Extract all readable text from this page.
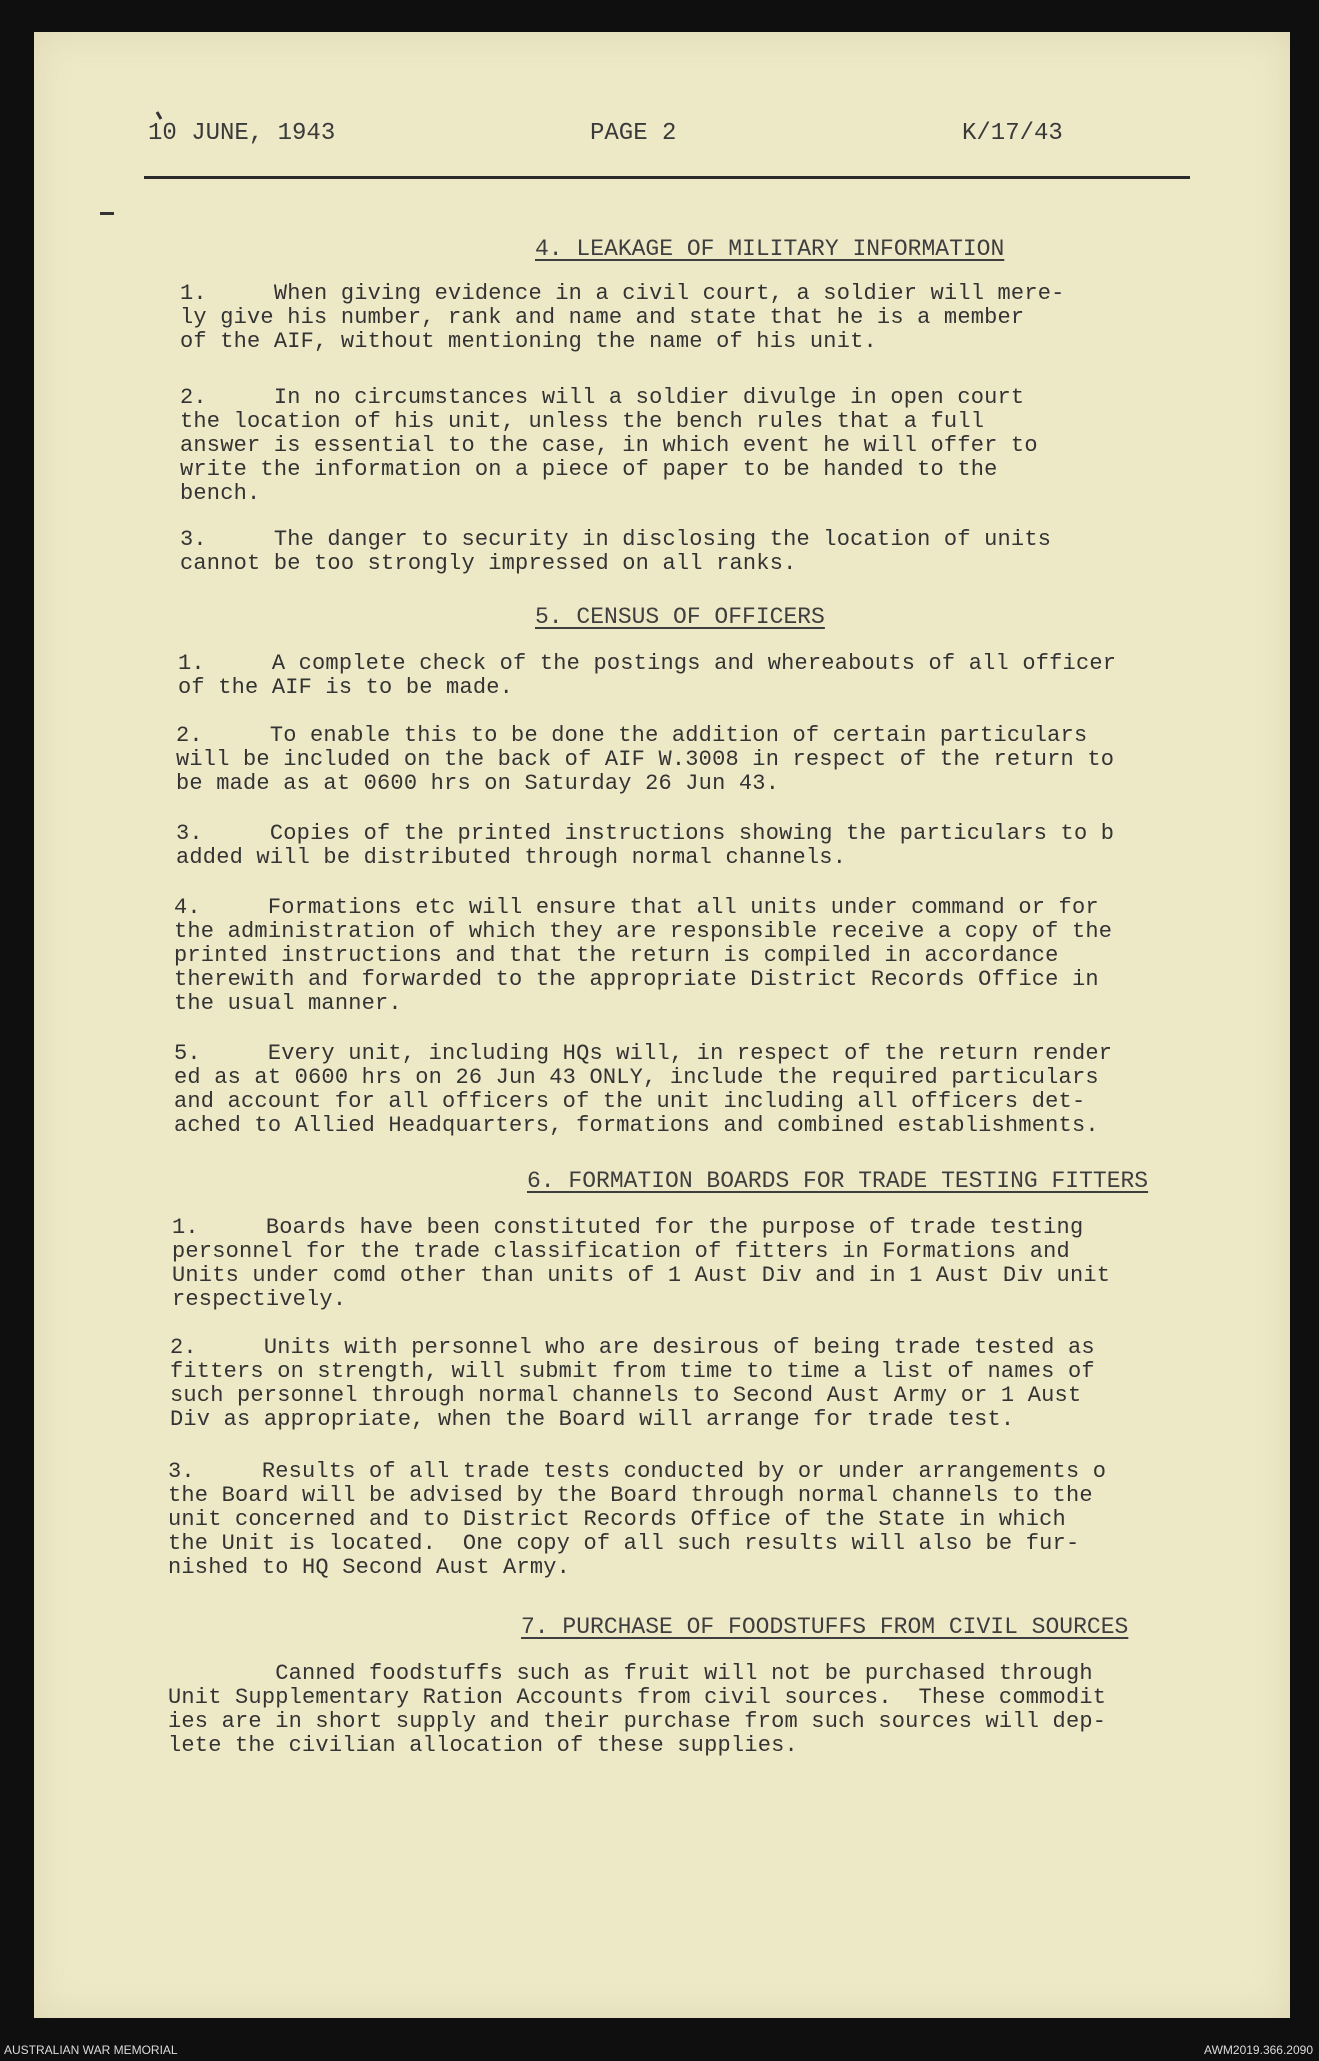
10 JUNE, 1943	PAGE 2	K/17/43
4. LEAKAGE OF MILITARY INFORMATION
1.     When giving evidence in a civil court, a soldier will mere-
ly give his number, rank and name and state that he is a member
of the AIF, without mentioning the name of his unit.
2.     In no circumstances will a soldier divulge in open court
the location of his unit, unless the bench rules that a full
answer is essential to the case, in which event he will offer to
write the information on a piece of paper to be handed to the
bench.
3.     The danger to security in disclosing the location of units
cannot be too strongly impressed on all ranks.
5. CENSUS OF OFFICERS
1.     A complete check of the postings and whereabouts of all officer
of the AIF is to be made.
2.     To enable this to be done the addition of certain particulars
will be included on the back of AIF W.3008 in respect of the return to
be made as at 0600 hrs on Saturday 26 Jun 43.
3.     Copies of the printed instructions showing the particulars to b
added will be distributed through normal channels.
4.     Formations etc will ensure that all units under command or for
the administration of which they are responsible receive a copy of the
printed instructions and that the return is compiled in accordance
therewith and forwarded to the appropriate District Records Office in
the usual manner.
5.     Every unit, including HQs will, in respect of the return render
ed as at 0600 hrs on 26 Jun 43 ONLY, include the required particulars
and account for all officers of the unit including all officers det-
ached to Allied Headquarters, formations and combined establishments.
6. FORMATION BOARDS FOR TRADE TESTING FITTERS
1.     Boards have been constituted for the purpose of trade testing
personnel for the trade classification of fitters in Formations and
Units under comd other than units of 1 Aust Div and in 1 Aust Div unit
respectively.
2.     Units with personnel who are desirous of being trade tested as
fitters on strength, will submit from time to time a list of names of
such personnel through normal channels to Second Aust Army or 1 Aust
Div as appropriate, when the Board will arrange for trade test.
3.     Results of all trade tests conducted by or under arrangements o
the Board will be advised by the Board through normal channels to the
unit concerned and to District Records Office of the State in which
the Unit is located.  One copy of all such results will also be fur-
nished to HQ Second Aust Army.
7. PURCHASE OF FOODSTUFFS FROM CIVIL SOURCES
Canned foodstuffs such as fruit will not be purchased through
Unit Supplementary Ration Accounts from civil sources.  These commodit
ies are in short supply and their purchase from such sources will dep-
lete the civilian allocation of these supplies.
AUSTRALIAN WAR MEMORIAL	AWM2019.366.2090
